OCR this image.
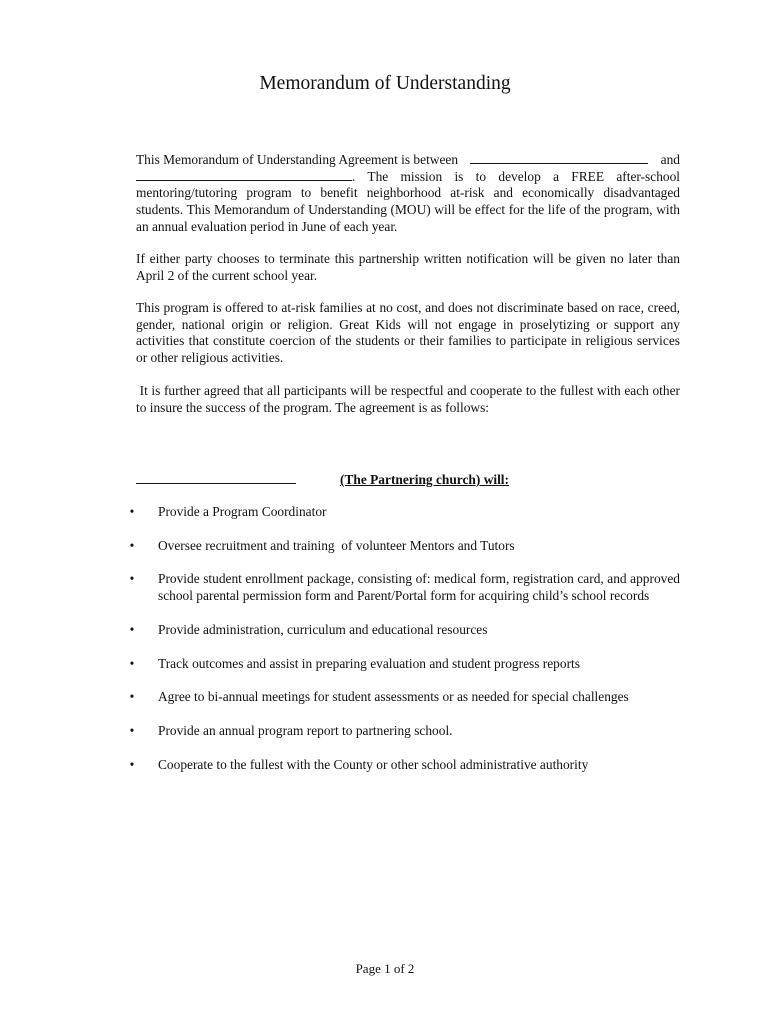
Memorandum of Understanding
This Memorandum of Understanding Agreement is between	and
. The mission is to develop a FREE after-school
mentoring/tutoring program to benefit neighborhood at-risk and economically disadvantaged students. This Memorandum of Understanding (MOU) will be effect for the life of the program, with an annual evaluation period in June of each year.
If either party chooses to terminate this partnership written notification will be given no later than April 2 of the current school year.
This program is offered to at-risk families at no cost, and does not discriminate based on race, creed, gender, national origin or religion. Great Kids will not engage in proselytizing or support any activities that constitute coercion of the students or their families to participate in religious services or other religious activities.
It is further agreed that all participants will be respectful and cooperate to the fullest with each other to insure the success of the program. The agreement is as follows:
(The Partnering church) will:
• Provide a Program Coordinator
• Oversee recruitment and training  of volunteer Mentors and Tutors
• Provide student enrollment package, consisting of: medical form, registration card, and approved school parental permission form and Parent/Portal form for acquiring child’s school records
• Provide administration, curriculum and educational resources
• Track outcomes and assist in preparing evaluation and student progress reports
• Agree to bi-annual meetings for student assessments or as needed for special challenges
• Provide an annual program report to partnering school.
• Cooperate to the fullest with the County or other school administrative authority
Page 1 of 2
